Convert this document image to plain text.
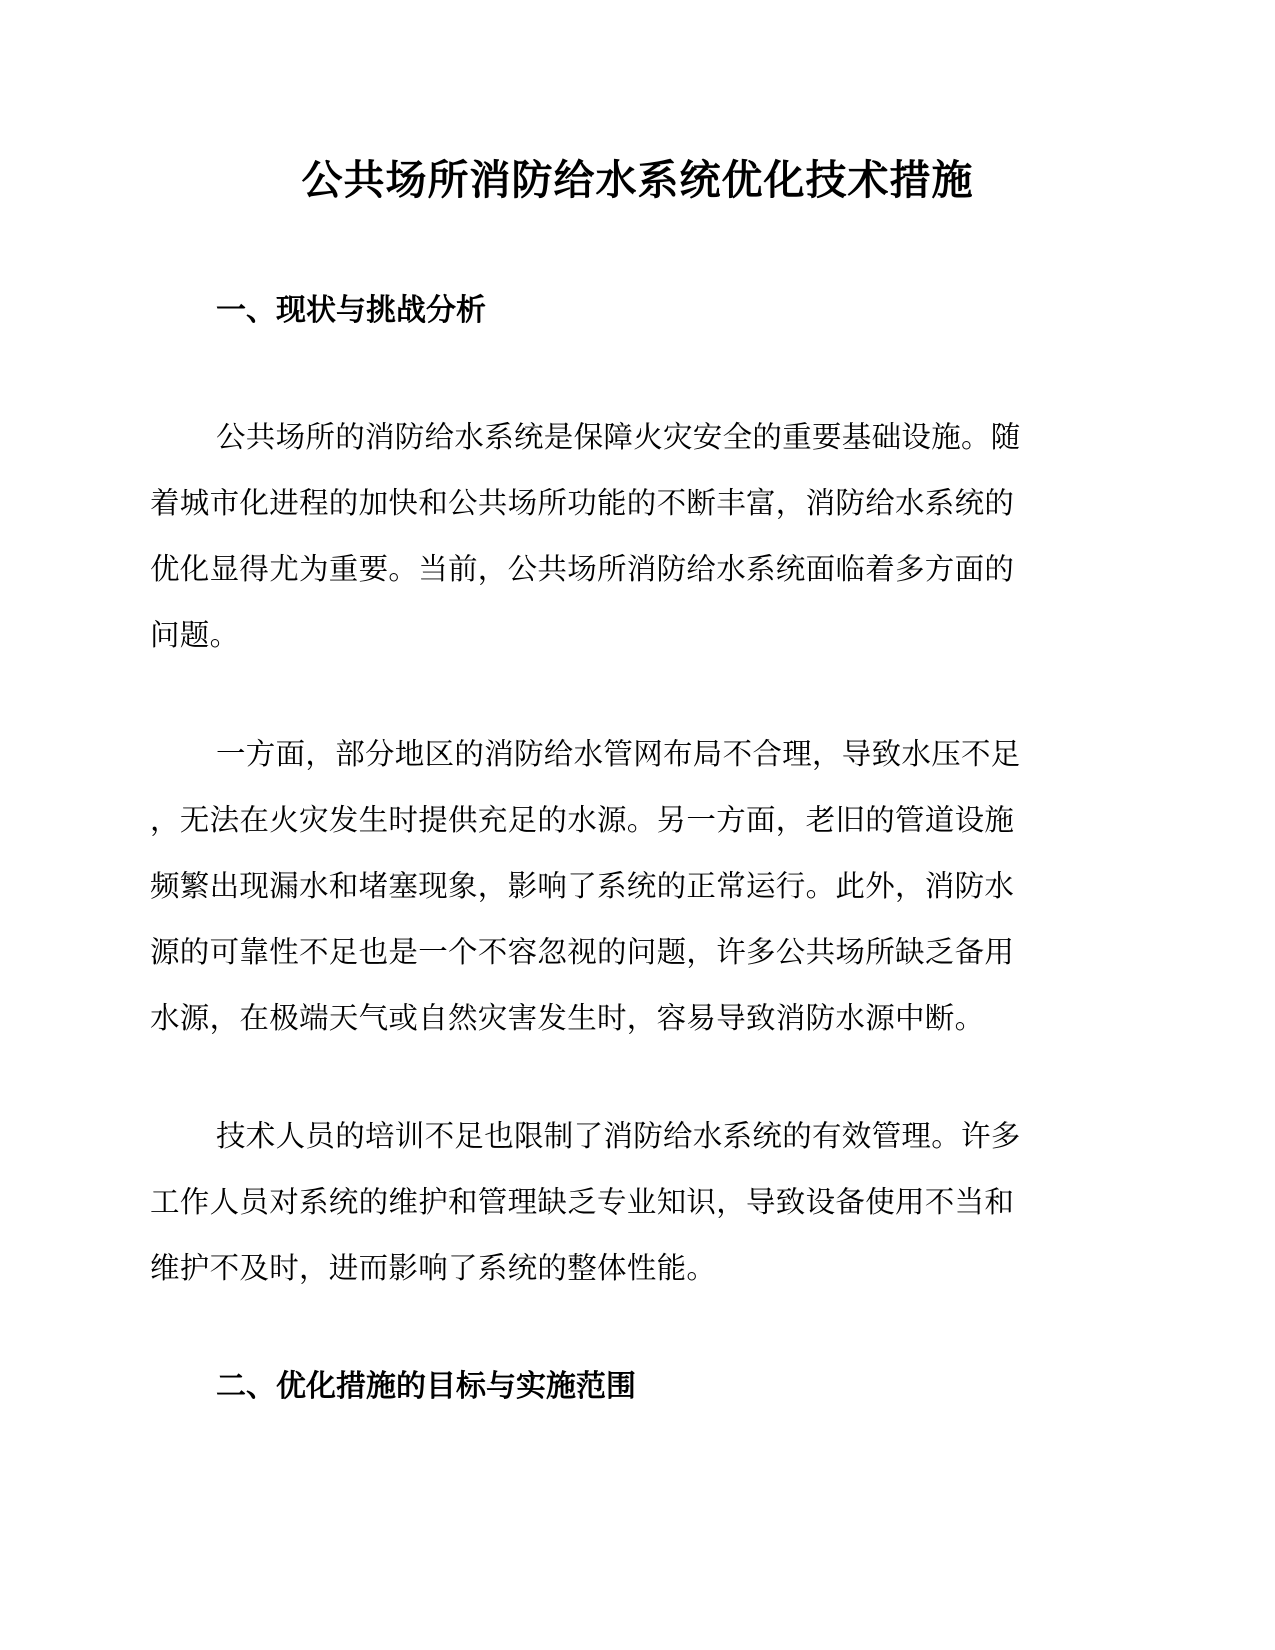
公共场所消防给水系统优化技术措施
一、现状与挑战分析
公共场所的消防给水系统是保障火灾安全的重要基础设施。随
着城市化进程的加快和公共场所功能的不断丰富，消防给水系统的
优化显得尤为重要。当前，公共场所消防给水系统面临着多方面的
问题。
一方面，部分地区的消防给水管网布局不合理，导致水压不足
，无法在火灾发生时提供充足的水源。另一方面，老旧的管道设施
频繁出现漏水和堵塞现象，影响了系统的正常运行。此外，消防水
源的可靠性不足也是一个不容忽视的问题，许多公共场所缺乏备用
水源，在极端天气或自然灾害发生时，容易导致消防水源中断。
技术人员的培训不足也限制了消防给水系统的有效管理。许多
工作人员对系统的维护和管理缺乏专业知识，导致设备使用不当和
维护不及时，进而影响了系统的整体性能。
二、优化措施的目标与实施范围
